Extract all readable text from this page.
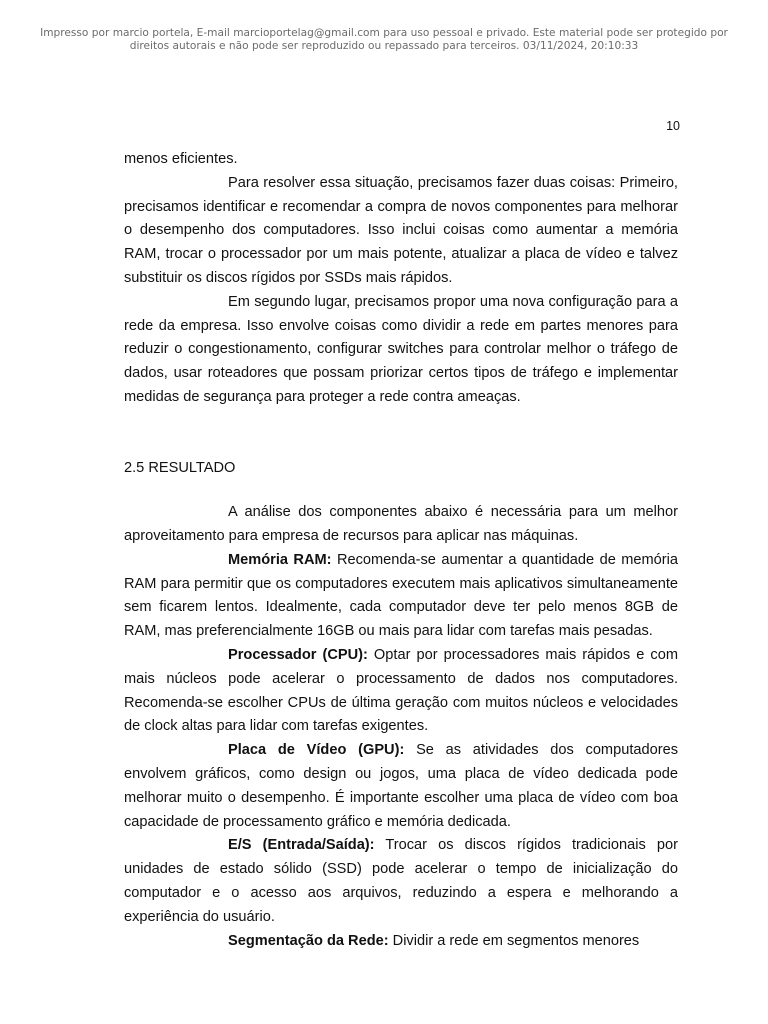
Impresso por marcio portela, E-mail marcioportelag@gmail.com para uso pessoal e privado. Este material pode ser protegido por
direitos autorais e não pode ser reproduzido ou repassado para terceiros. 03/11/2024, 20:10:33
10

menos eficientes.

Para resolver essa situação, precisamos fazer duas coisas: Primeiro, precisamos identificar e recomendar a compra de novos componentes para melhorar o desempenho dos computadores. Isso inclui coisas como aumentar a memória RAM, trocar o processador por um mais potente, atualizar a placa de vídeo e talvez substituir os discos rígidos por SSDs mais rápidos.

Em segundo lugar, precisamos propor uma nova configuração para a rede da empresa. Isso envolve coisas como dividir a rede em partes menores para reduzir o congestionamento, configurar switches para controlar melhor o tráfego de dados, usar roteadores que possam priorizar certos tipos de tráfego e implementar medidas de segurança para proteger a rede contra ameaças.

2.5 RESULTADO

A análise dos componentes abaixo é necessária para um melhor aproveitamento para empresa de recursos para aplicar nas máquinas.

Memória RAM: Recomenda-se aumentar a quantidade de memória RAM para permitir que os computadores executem mais aplicativos simultaneamente sem ficarem lentos. Idealmente, cada computador deve ter pelo menos 8GB de RAM, mas preferencialmente 16GB ou mais para lidar com tarefas mais pesadas.

Processador (CPU): Optar por processadores mais rápidos e com mais núcleos pode acelerar o processamento de dados nos computadores. Recomenda-se escolher CPUs de última geração com muitos núcleos e velocidades de clock altas para lidar com tarefas exigentes.

Placa de Vídeo (GPU): Se as atividades dos computadores envolvem gráficos, como design ou jogos, uma placa de vídeo dedicada pode melhorar muito o desempenho. É importante escolher uma placa de vídeo com boa capacidade de processamento gráfico e memória dedicada.

E/S (Entrada/Saída): Trocar os discos rígidos tradicionais por unidades de estado sólido (SSD) pode acelerar o tempo de inicialização do computador e o acesso aos arquivos, reduzindo a espera e melhorando a experiência do usuário.

Segmentação da Rede: Dividir a rede em segmentos menores
